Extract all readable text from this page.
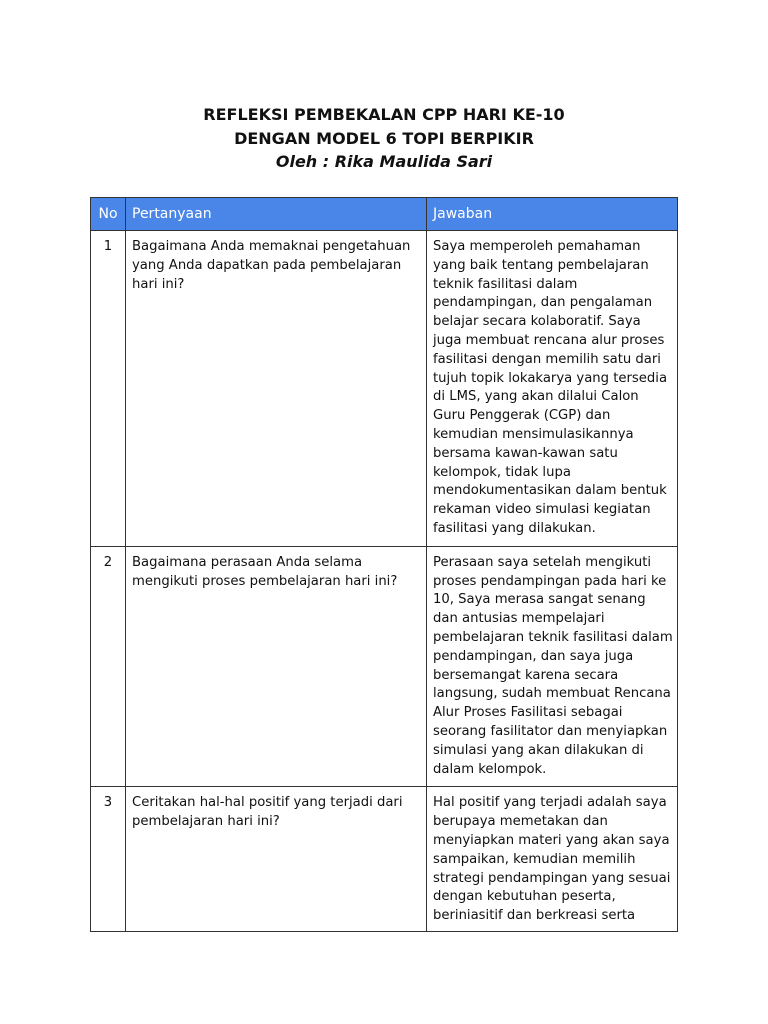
REFLEKSI PEMBEKALAN CPP HARI KE-10
DENGAN MODEL 6 TOPI BERPIKIR
Oleh : Rika Maulida Sari
No	Pertanyaan	Jawaban
1	Bagaimana Anda memaknai pengetahuan yang Anda dapatkan pada pembelajaran hari ini?	Saya memperoleh pemahaman yang baik tentang pembelajaran teknik fasilitasi dalam pendampingan, dan pengalaman belajar secara kolaboratif. Saya juga membuat rencana alur proses fasilitasi dengan memilih satu dari tujuh topik lokakarya yang tersedia di LMS, yang akan dilalui Calon Guru Penggerak (CGP) dan kemudian mensimulasikannya bersama kawan-kawan satu kelompok, tidak lupa mendokumentasikan dalam bentuk rekaman video simulasi kegiatan fasilitasi yang dilakukan.
2	Bagaimana perasaan Anda selama mengikuti proses pembelajaran hari ini?	Perasaan saya setelah mengikuti proses pendampingan pada hari ke 10, Saya merasa sangat senang dan antusias mempelajari pembelajaran teknik fasilitasi dalam pendampingan, dan saya juga bersemangat karena secara langsung, sudah membuat Rencana Alur Proses Fasilitasi sebagai seorang fasilitator dan menyiapkan simulasi yang akan dilakukan di dalam kelompok.
3	Ceritakan hal-hal positif yang terjadi dari pembelajaran hari ini?	Hal positif yang terjadi adalah saya berupaya memetakan dan menyiapkan materi yang akan saya sampaikan, kemudian memilih strategi pendampingan yang sesuai dengan kebutuhan peserta, beriniasitif dan berkreasi serta
